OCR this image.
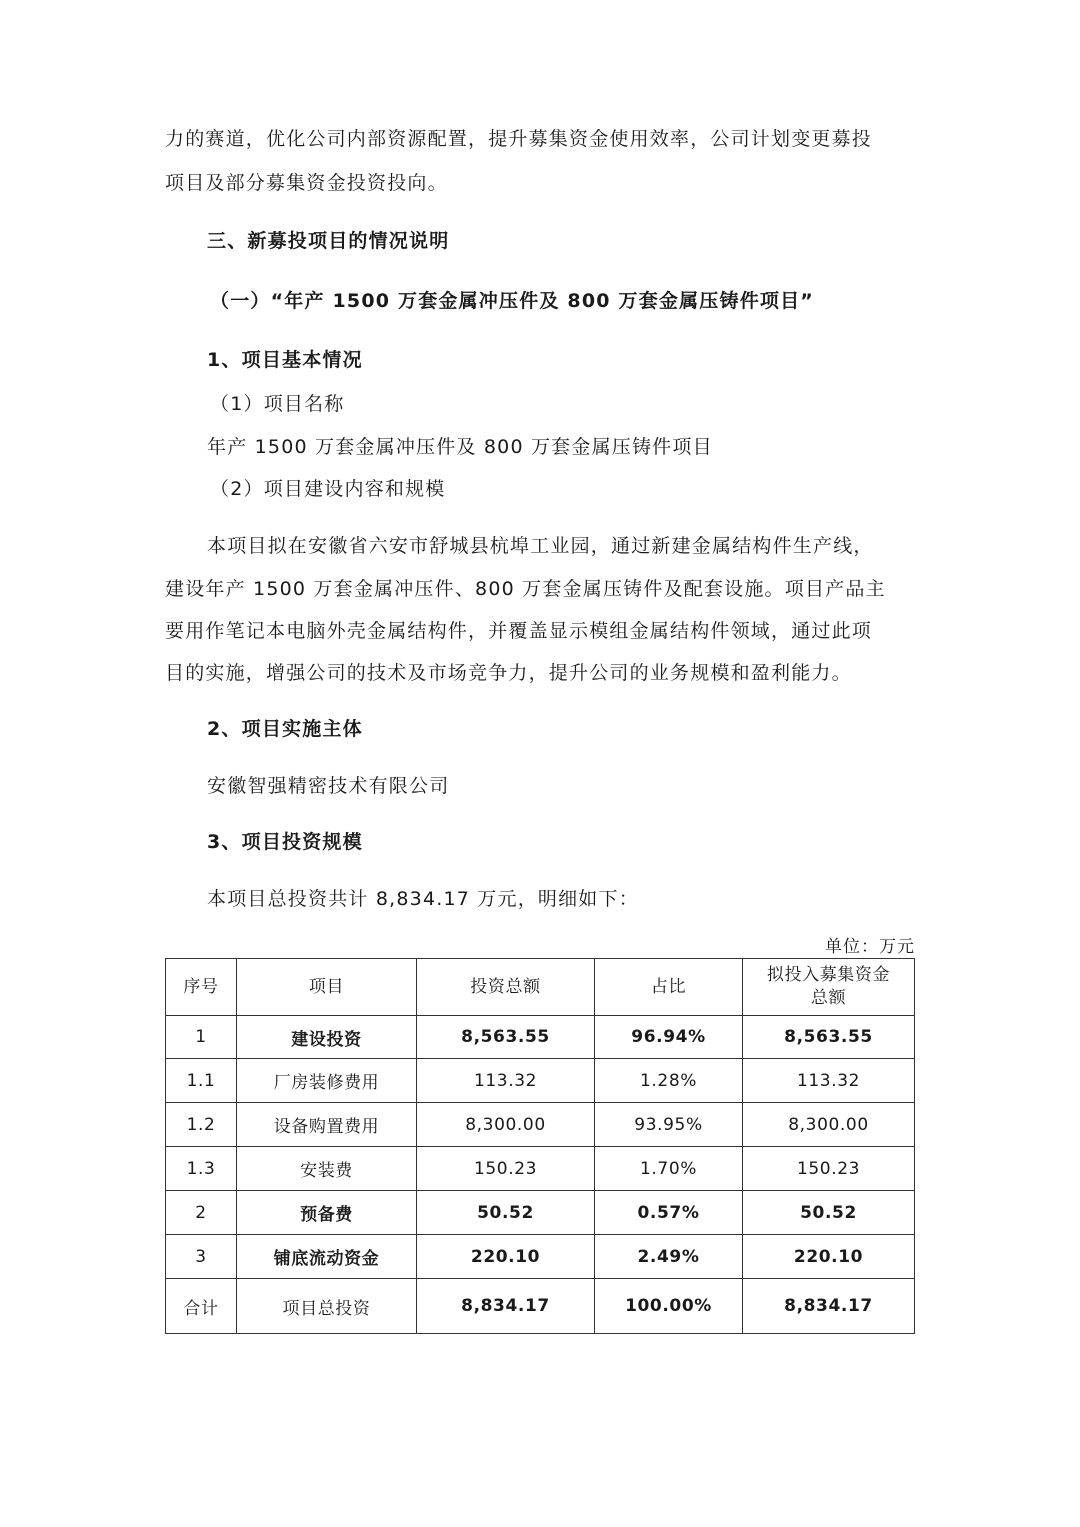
力的赛道，优化公司内部资源配置，提升募集资金使用效率，公司计划变更募投
项目及部分募集资金投资投向。
三、新募投项目的情况说明
（一）“年产 1500 万套金属冲压件及 800 万套金属压铸件项目”
1、项目基本情况
（1）项目名称
年产 1500 万套金属冲压件及 800 万套金属压铸件项目
（2）项目建设内容和规模
本项目拟在安徽省六安市舒城县杭埠工业园，通过新建金属结构件生产线，
建设年产 1500 万套金属冲压件、800 万套金属压铸件及配套设施。项目产品主
要用作笔记本电脑外壳金属结构件，并覆盖显示模组金属结构件领域，通过此项
目的实施，增强公司的技术及市场竞争力，提升公司的业务规模和盈利能力。
2、项目实施主体
安徽智强精密技术有限公司
3、项目投资规模
本项目总投资共计 8,834.17 万元，明细如下：
单位：万元
序号	项目	投资总额	占比	拟投入募集资金
总额

1	建设投资	8,563.55	96.94%	8,563.55
1.1	厂房装修费用	113.32	1.28%	113.32
1.2	设备购置费用	8,300.00	93.95%	8,300.00
1.3	安装费	150.23	1.70%	150.23
2	预备费	50.52	0.57%	50.52
3	铺底流动资金	220.10	2.49%	220.10
合计	项目总投资	8,834.17	100.00%	8,834.17
